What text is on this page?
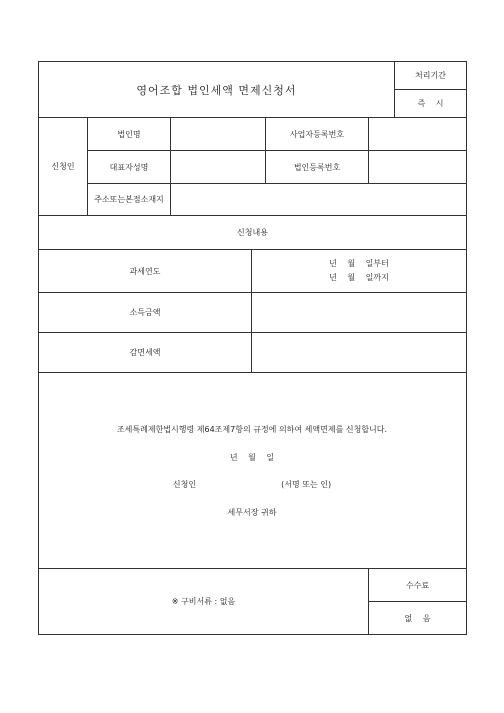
영어조합 법인세액 면제신청서
처리기간
즉　 시
신청인
법인명	사업자등록번호
대표자성명	법인등록번호
주소또는본점소재지
신청내용
과세연도
년　 월　 일부터
년　 월　 일까지
소득금액
감면세액
조세특례제한법시행령 제64조제7항의 규정에 의하여 세액면제를 신청합니다.
년　 월　 일
신청인	(서명 또는 인)
세무서장 귀하
※ 구비서류 : 없음
수수료
없　 음
